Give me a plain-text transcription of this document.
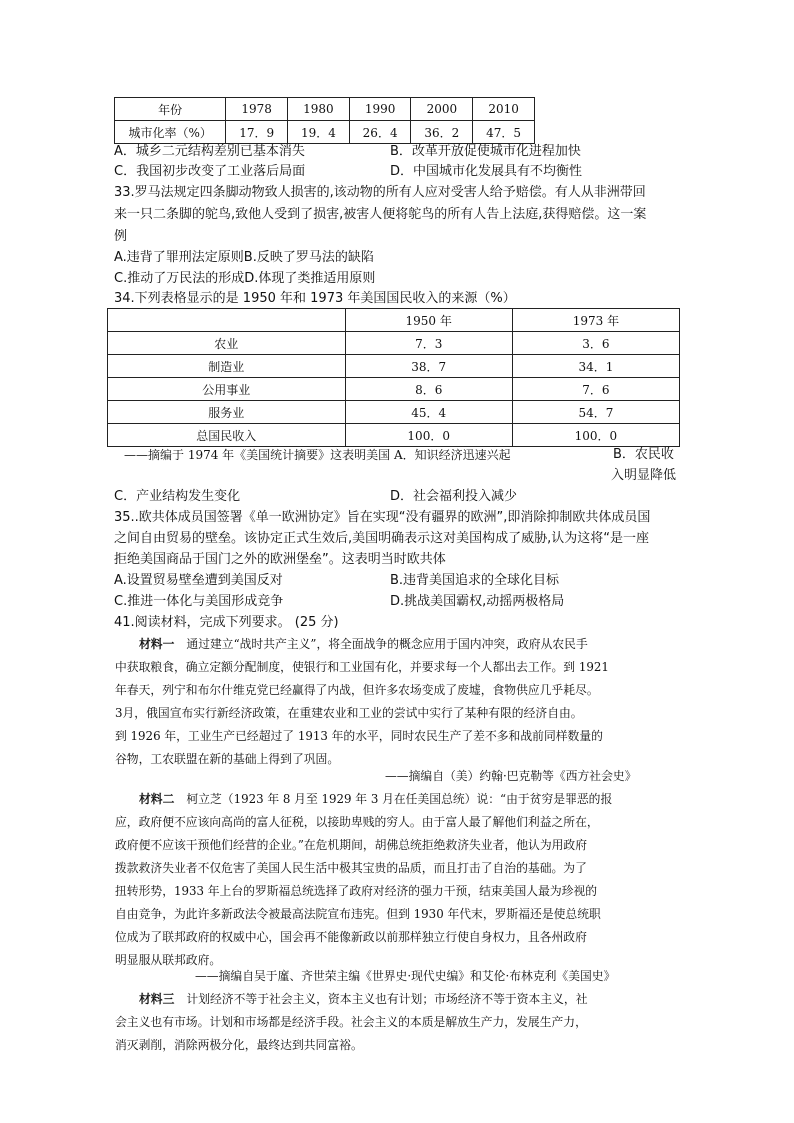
年份	1978	1980	1990	2000	2010
城市化率（%）	17．9	19．4	26．4	36．2	47．5
A．城乡二元结构差别已基本消失	B．改革开放促使城市化进程加快
C．我国初步改变了工业落后局面	D．中国城市化发展具有不均衡性
33.罗马法规定四条脚动物致人损害的,该动物的所有人应对受害人给予赔偿。有人从非洲带回
来一只二条脚的鸵鸟,致他人受到了损害,被害人便将鸵鸟的所有人告上法庭,获得赔偿。这一案
例
A.违背了罪刑法定原则B.反映了罗马法的缺陷
C.推动了万民法的形成D.体现了类推适用原则
34.下列表格显示的是 1950 年和 1973 年美国国民收入的来源（%）
	1950 年	1973 年
农业	7．3	3．6
制造业	38．7	34．1
公用事业	8．6	7．6
服务业	45．4	54．7
总国民收入	100．0	100．0
——摘编于 1974 年《美国统计摘要》这表明美国 A．知识经济迅速兴起	B．农民收
入明显降低
C．产业结构发生变化	D．社会福利投入减少
35..欧共体成员国签署《单一欧洲协定》旨在实现“没有疆界的欧洲”,即消除抑制欧共体成员国
之间自由贸易的壁垒。该协定正式生效后,美国明确表示这对美国构成了威胁,认为这将“是一座
拒绝美国商品于国门之外的欧洲堡垒”。这表明当时欧共体
A.设置贸易壁垒遭到美国反对	B.违背美国追求的全球化目标
C.推进一体化与美国形成竞争	D.挑战美国霸权,动摇两极格局
41.阅读材料，完成下列要求。 (25 分)
材料一 通过建立“战时共产主义”，将全面战争的概念应用于国内冲突，政府从农民手
中获取粮食，确立定额分配制度，使银行和工业国有化，并要求每一个人都出去工作。到 1921
年春天，列宁和布尔什维克党已经赢得了内战，但许多农场变成了废墟，食物供应几乎耗尽。
3月，俄国宣布实行新经济政策，在重建农业和工业的尝试中实行了某种有限的经济自由。
到 1926 年，工业生产已经超过了 1913 年的水平，同时农民生产了差不多和战前同样数量的
谷物，工农联盟在新的基础上得到了巩固。
——摘编自（美）约翰·巴克勒等《西方社会史》
材料二 柯立芝（1923 年 8 月至 1929 年 3 月在任美国总统）说：“由于贫穷是罪恶的报
应，政府便不应该向高尚的富人征税，以接助卑贱的穷人。由于富人最了解他们利益之所在，
政府便不应该干预他们经营的企业。”在危机期间，胡佛总统拒绝救济失业者，他认为用政府
拨款救济失业者不仅危害了美国人民生活中极其宝贵的品质，而且打击了自治的基础。为了
扭转形势，1933 年上台的罗斯福总统选择了政府对经济的强力干预，结束美国人最为珍视的
自由竞争，为此许多新政法令被最高法院宣布违宪。但到 1930 年代末，罗斯福还是使总统职
位成为了联邦政府的权威中心，国会再不能像新政以前那样独立行使自身权力，且各州政府
明显服从联邦政府。
——摘编自吴于廑、齐世荣主编《世界史·现代史编》和艾伦·布林克利《美国史》
材料三 计划经济不等于社会主义，资本主义也有计划；市场经济不等于资本主义，社
会主义也有市场。计划和市场都是经济手段。社会主义的本质是解放生产力，发展生产力，
消灭剥削，消除两极分化，最终达到共同富裕。
